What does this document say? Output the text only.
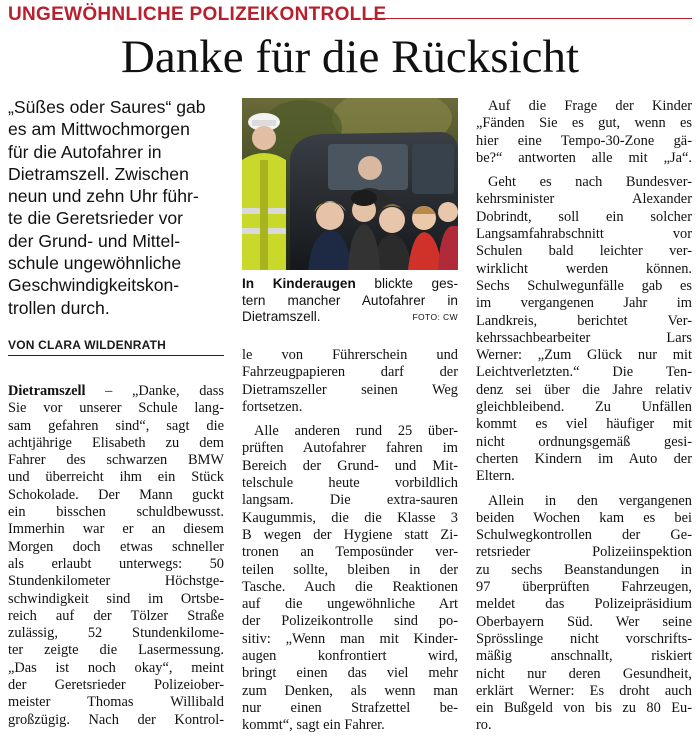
UNGEWÖHNLICHE POLIZEIKONTROLLE
Danke für die Rücksicht
„Süßes oder Saures“ gab
es am Mittwochmorgen
für die Autofahrer in
Dietramszell. Zwischen
neun und zehn Uhr führ-
te die Geretsrieder vor
der Grund- und Mittel-
schule ungewöhnliche
Geschwindigkeitskon-
trollen durch.
VON CLARA WILDENRATH
Dietramszell – „Danke, dass
Sie vor unserer Schule lang-
sam gefahren sind“, sagt die
achtjährige Elisabeth zu dem
Fahrer des schwarzen BMW
und überreicht ihm ein Stück
Schokolade. Der Mann guckt
ein bisschen schuldbewusst.
Immerhin war er an diesem
Morgen doch etwas schneller
als erlaubt unterwegs: 50
Stundenkilometer Höchstge-
schwindigkeit sind im Ortsbe-
reich auf der Tölzer Straße
zulässig, 52 Stundenkilome-
ter zeigte die Lasermessung.
„Das ist noch okay“, meint
der Geretsrieder Polizeiober-
meister Thomas Willibald
großzügig. Nach der Kontrol-
In Kinderaugen blickte ges-
tern mancher Autofahrer in
Dietramszell.	FOTO: CW
le von Führerschein und
Fahrzeugpapieren darf der
Dietramszeller seinen Weg
fortsetzen.
Alle anderen rund 25 über-
prüften Autofahrer fahren im
Bereich der Grund- und Mit-
telschule heute vorbildlich
langsam. Die extra-sauren
Kaugummis, die die Klasse 3
B wegen der Hygiene statt Zi-
tronen an Temposünder ver-
teilen sollte, bleiben in der
Tasche. Auch die Reaktionen
auf die ungewöhnliche Art
der Polizeikontrolle sind po-
sitiv: „Wenn man mit Kinder-
augen konfrontiert wird,
bringt einen das viel mehr
zum Denken, als wenn man
nur einen Strafzettel be-
kommt“, sagt ein Fahrer.
Auf die Frage der Kinder
„Fänden Sie es gut, wenn es
hier eine Tempo-30-Zone gä-
be?“ antworten alle mit „Ja“.
Geht es nach Bundesver-
kehrsminister Alexander
Dobrindt, soll ein solcher
Langsamfahrabschnitt vor
Schulen bald leichter ver-
wirklicht werden können.
Sechs Schulwegunfälle gab es
im vergangenen Jahr im
Landkreis, berichtet Ver-
kehrssachbearbeiter Lars
Werner: „Zum Glück nur mit
Leichtverletzten.“ Die Ten-
denz sei über die Jahre relativ
gleichbleibend. Zu Unfällen
kommt es viel häufiger mit
nicht ordnungsgemäß gesi-
cherten Kindern im Auto der
Eltern.
Allein in den vergangenen
beiden Wochen kam es bei
Schulwegkontrollen der Ge-
retsrieder Polizeiinspektion
zu sechs Beanstandungen in
97 überprüften Fahrzeugen,
meldet das Polizeipräsidium
Oberbayern Süd. Wer seine
Sprösslinge nicht vorschrifts-
mäßig anschnallt, riskiert
nicht nur deren Gesundheit,
erklärt Werner: Es droht auch
ein Bußgeld von bis zu 80 Eu-
ro.
